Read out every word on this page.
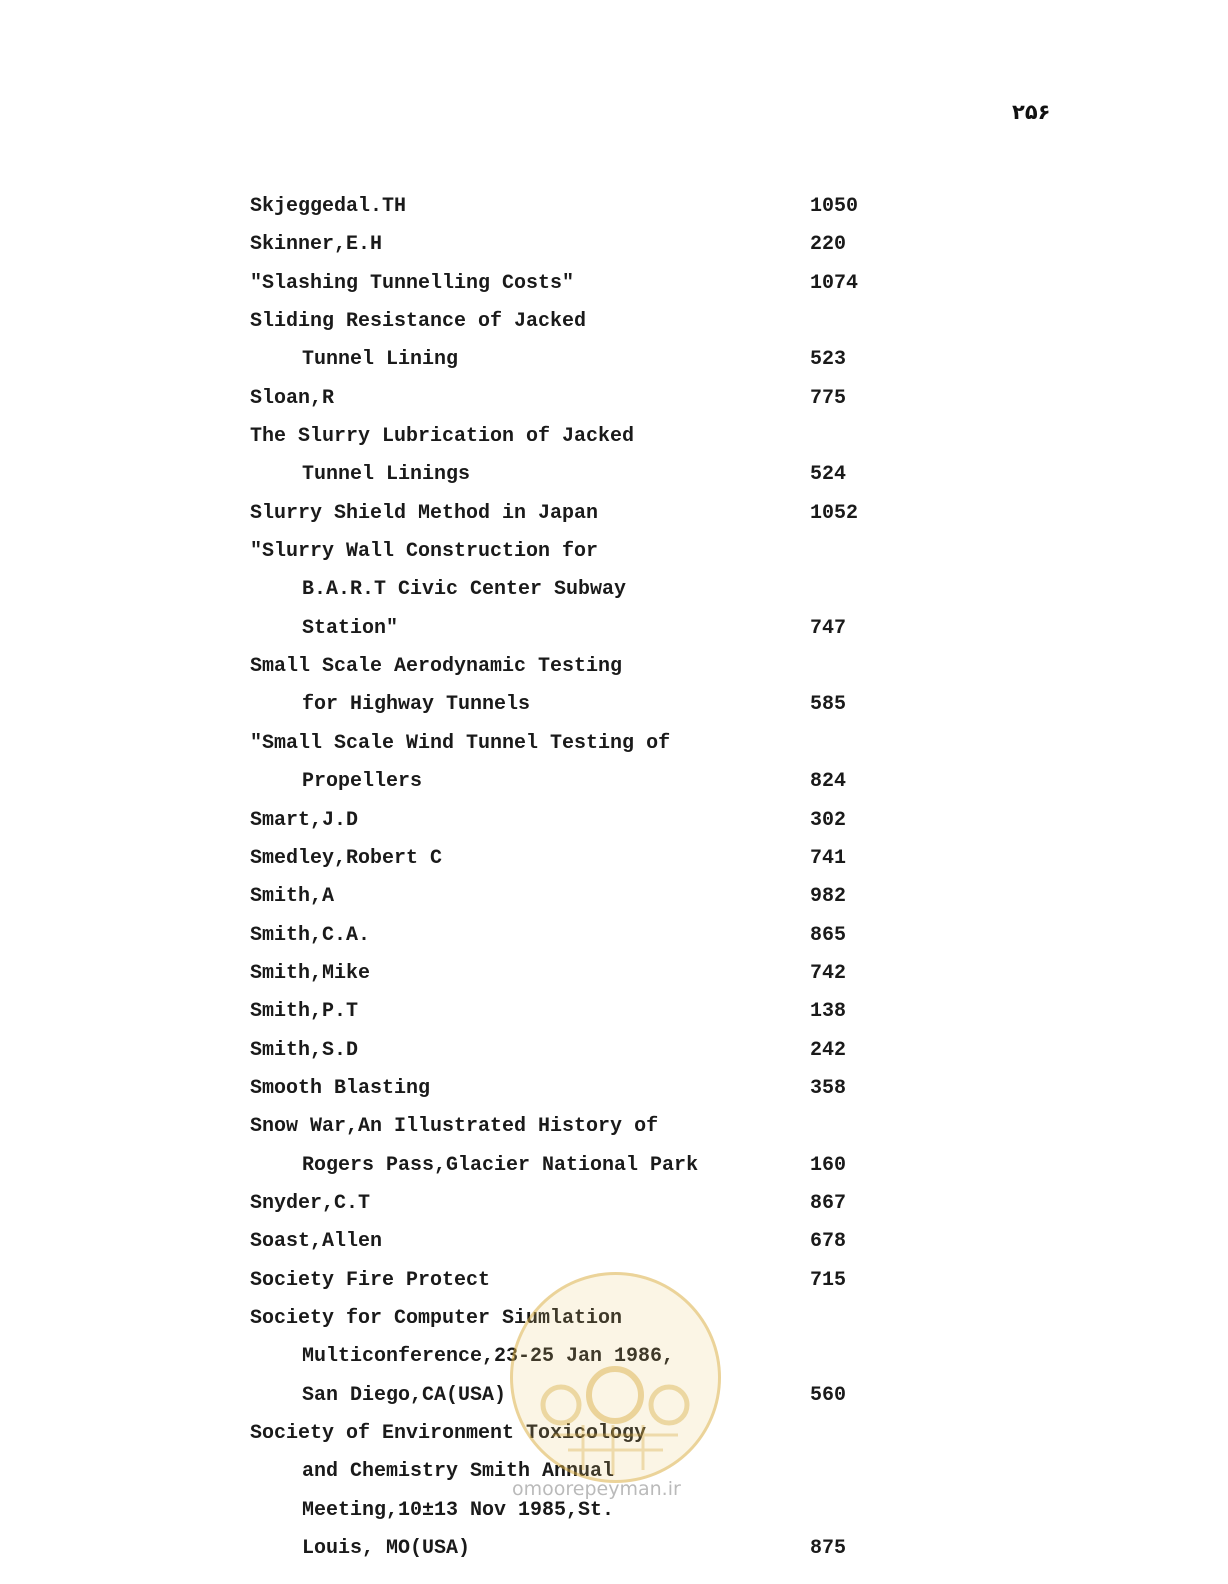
۲۵۶
Skjeggedal.TH	1050
Skinner,E.H	220
"Slashing Tunnelling Costs"	1074
Sliding Resistance of Jacked
Tunnel Lining	523
Sloan,R	775
The Slurry Lubrication of Jacked
Tunnel Linings	524
Slurry Shield Method in Japan	1052
"Slurry Wall Construction for
B.A.R.T Civic Center Subway
Station"	747
Small Scale Aerodynamic Testing
for Highway Tunnels	585
"Small Scale Wind Tunnel Testing of
Propellers	824
Smart,J.D	302
Smedley,Robert C	741
Smith,A	982
Smith,C.A.	865
Smith,Mike	742
Smith,P.T	138
Smith,S.D	242
Smooth Blasting	358
Snow War,An Illustrated History of
Rogers Pass,Glacier National Park	160
Snyder,C.T	867
Soast,Allen	678
Society Fire Protect	715
Society for Computer Siumlation
Multiconference,23-25 Jan 1986,
San Diego,CA(USA)	560
Society of Environment Toxicology
and Chemistry Smith Annual
Meeting,10±13 Nov 1985,St.
Louis, MO(USA)	875
omoorepeyman.ir
